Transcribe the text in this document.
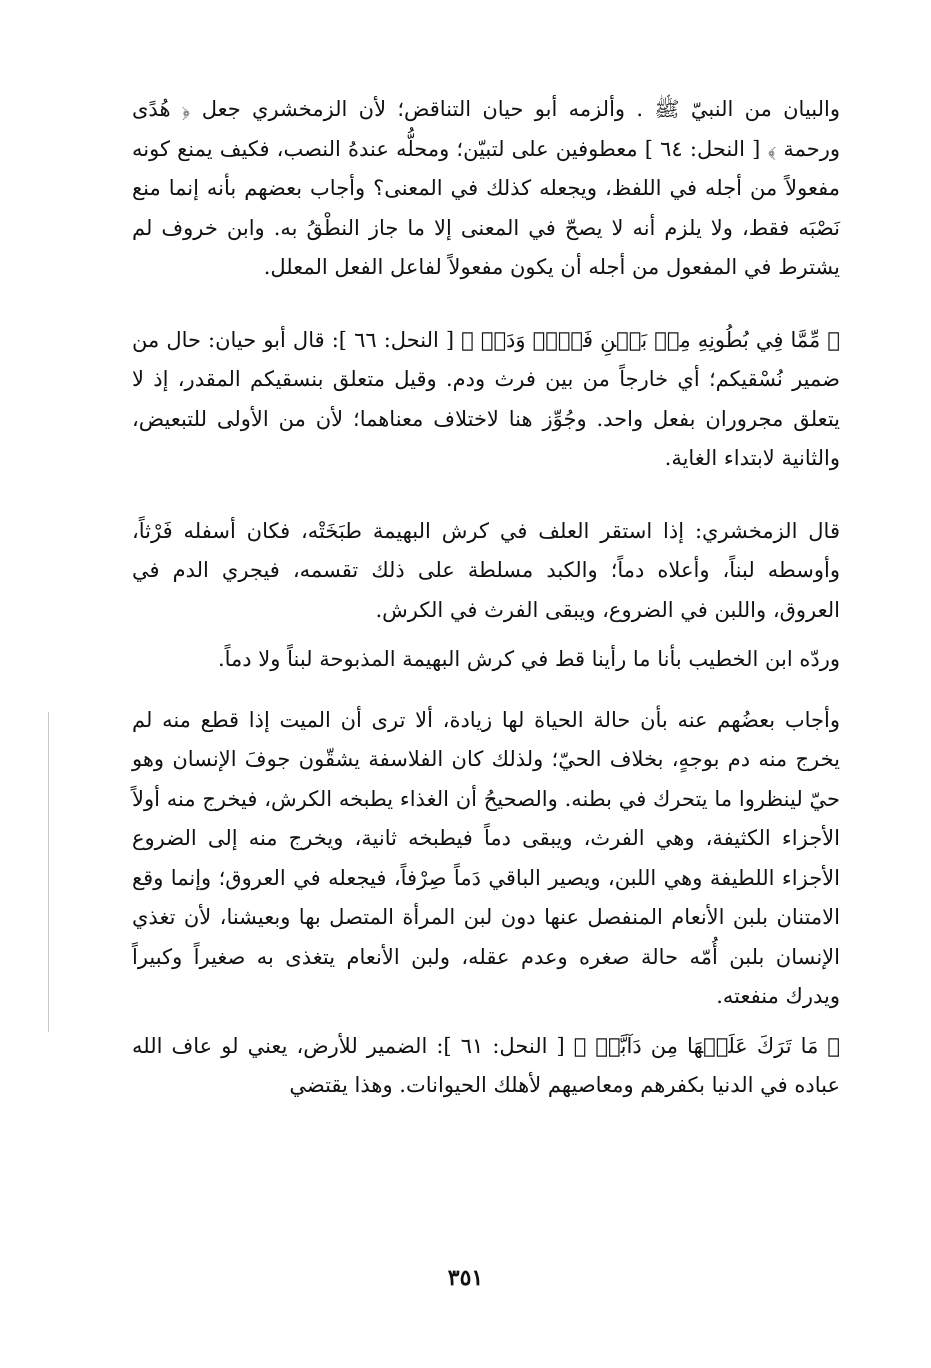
والبيان من النبيّ ﷺ . وألزمه أبو حيان التناقض؛ لأن الزمخشري جعل ﴿ هُدًى ورحمة ﴾ [ النحل: ٦٤ ] معطوفين على لتبيّن؛ ومحلُّه عندهُ النصب، فكيف يمنع كونه مفعولاً من أجله في اللفظ، ويجعله كذلك في المعنى؟ وأجاب بعضهم بأنه إنما منع نَصْبَه فقط، ولا يلزم أنه لا يصحّ في المعنى إلا ما جاز النطْقُ به. وابن خروف لم يشترط في المفعول من أجله أن يكون مفعولاً لفاعل الفعل المعلل.

﴿ مِّمَّا فِي بُطُونِهِ مِنۢ بَيۡنِ فَرۡثٖ وَدَمٖ ﴾ [ النحل: ٦٦ ]: قال أبو حيان: حال من ضمير نُسْقيكم؛ أي خارجاً من بين فرث ودم. وقيل متعلق بنسقيكم المقدر، إذ لا يتعلق مجروران بفعل واحد. وجُوِّز هنا لاختلاف معناهما؛ لأن من الأولى للتبعيض، والثانية لابتداء الغاية.

قال الزمخشري: إذا استقر العلف في كرش البهيمة طبَخَتْه، فكان أسفله فَرْثاً، وأوسطه لبناً، وأعلاه دماً؛ والكبد مسلطة على ذلك تقسمه، فيجري الدم في العروق، واللبن في الضروع، ويبقى الفرث في الكرش.

وردّه ابن الخطيب بأنا ما رأينا قط في كرش البهيمة المذبوحة لبناً ولا دماً.

وأجاب بعضُهم عنه بأن حالة الحياة لها زيادة، ألا ترى أن الميت إذا قطع منه لم يخرج منه دم بوجهٍ، بخلاف الحيّ؛ ولذلك كان الفلاسفة يشقّون جوفَ الإنسان وهو حيّ لينظروا ما يتحرك في بطنه. والصحيحُ أن الغذاء يطبخه الكرش، فيخرج منه أولاً الأجزاء الكثيفة، وهي الفرث، ويبقى دماً فيطبخه ثانية، ويخرج منه إلى الضروع الأجزاء اللطيفة وهي اللبن، ويصير الباقي دَماً صِرْفاً، فيجعله في العروق؛ وإنما وقع الامتنان بلبن الأنعام المنفصل عنها دون لبن المرأة المتصل بها وبعيشنا، لأن تغذي الإنسان بلبن أُمّه حالة صغره وعدم عقله، ولبن الأنعام يتغذى به صغيراً وكبيراً ويدرك منفعته.

﴿ مَا تَرَكَ عَلَيۡهَا مِن دَآبَّةٖ ﴾ [ النحل: ٦١ ]: الضمير للأرض، يعني لو عاف الله عباده في الدنيا بكفرهم ومعاصيهم لأهلك الحيوانات. وهذا يقتضي

٣٥١
